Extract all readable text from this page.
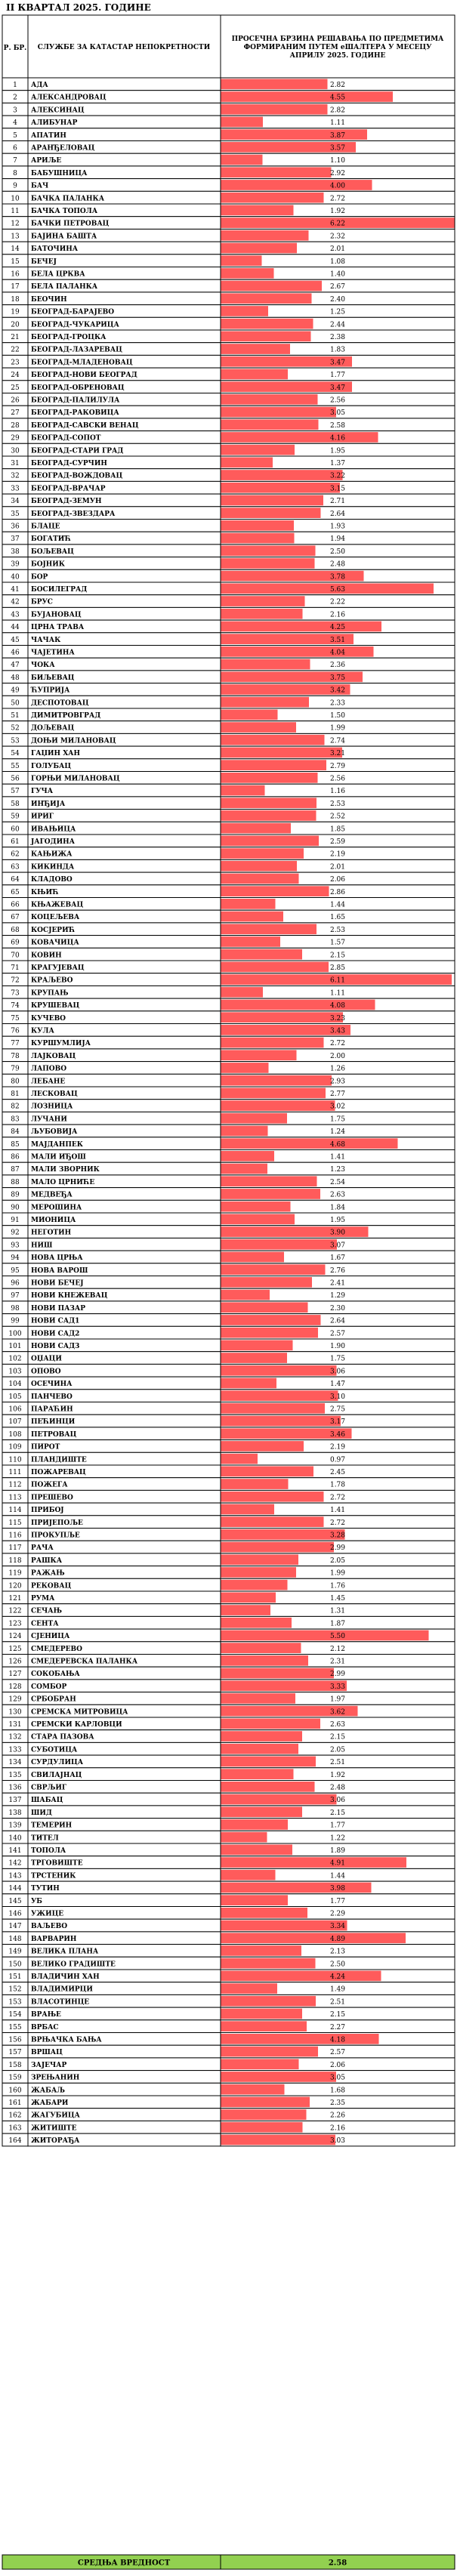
II КВАРТАЛ 2025. ГОДИНЕ
Р. БР. СЛУЖБЕ ЗА КАТАСТАР НЕПОКРЕТНОСТИ
ПРОСЕЧНА БРЗИНА РЕШАВАЊА ПО ПРЕДМЕТИМА ФОРМИРАНИМ ПУТЕМ еШАЛТЕРА У МЕСЕЦУ АПРИЛУ 2025. ГОДИНЕ
1 АДА	2.82
2 АЛЕКСАНДРОВАЦ	4.55
3 АЛЕКСИНАЦ	2.82
4 АЛИБУНАР	1.11
5 АПАТИН	3.87
6 АРАНЂЕЛОВАЦ	3.57
7 АРИЉЕ	1.10
8 БАБУШНИЦА	2.92
9 БАЧ	4.00
10 БАЧКА ПАЛАНКА	2.72
11 БАЧКА ТОПОЛА	1.92
12 БАЧКИ ПЕТРОВАЦ	6.22
13 БАЈИНА БАШТА	2.32
14 БАТОЧИНА	2.01
15 БЕЧЕЈ	1.08
16 БЕЛА ЦРКВА	1.40
17 БЕЛА ПАЛАНКА	2.67
18 БЕОЧИН	2.40
19 БЕОГРАД-БАРАЈЕВО	1.25
20 БЕОГРАД-ЧУКАРИЦА	2.44
21 БЕОГРАД-ГРОЦКА	2.38
22 БЕОГРАД-ЛАЗАРЕВАЦ	1.83
23 БЕОГРАД-МЛАДЕНОВАЦ	3.47
24 БЕОГРАД-НОВИ БЕОГРАД	1.77
25 БЕОГРАД-ОБРЕНОВАЦ	3.47
26 БЕОГРАД-ПАЛИЛУЛА	2.56
27 БЕОГРАД-РАКОВИЦА	3.05
28 БЕОГРАД-САВСКИ ВЕНАЦ	2.58
29 БЕОГРАД-СОПОТ	4.16
30 БЕОГРАД-СТАРИ ГРАД	1.95
31 БЕОГРАД-СУРЧИН	1.37
32 БЕОГРАД-ВОЖДОВАЦ	3.22
33 БЕОГРАД-ВРАЧАР	3.15
34 БЕОГРАД-ЗЕМУН	2.71
35 БЕОГРАД-ЗВЕЗДАРА	2.64
36 БЛАЦЕ	1.93
37 БОГАТИЋ	1.94
38 БОЉЕВАЦ	2.50
39 БОЈНИК	2.48
40 БОР	3.78
41 БОСИЛЕГРАД	5.63
42 БРУС	2.22
43 БУЈАНОВАЦ	2.16
44 ЦРНА ТРАВА	4.25
45 ЧАЧАК	3.51
46 ЧАЈЕТИНА	4.04
47 ЧОКА	2.36
48 БИЉЕВАЦ	3.75
49 ЋУПРИЈА	3.42
50 ДЕСПОТОВАЦ	2.33
51 ДИМИТРОВГРАД	1.50
52 ДОЉЕВАЦ	1.99
53 ДОЊИ МИЛАНОВАЦ	2.74
54 ГАЏИН ХАН	3.21
55 ГОЛУБАЦ	2.79
56 ГОРЊИ МИЛАНОВАЦ	2.56
57 ГУЧА	1.16
58 ИНЂИЈА	2.53
59 ИРИГ	2.52
60 ИВАЊИЦА	1.85
61 ЈАГОДИНА	2.59
62 КАЊИЖА	2.19
63 КИКИНДА	2.01
64 КЛАДОВО	2.06
65 КЊИЋ	2.86
66 КЊАЖЕВАЦ	1.44
67 КОЦЕЉЕВА	1.65
68 КОСЈЕРИЋ	2.53
69 КОВАЧИЦА	1.57
70 КОВИН	2.15
71 КРАГУЈЕВАЦ	2.85
72 КРАЉЕВО	6.11
73 КРУПАЊ	1.11
74 КРУШЕВАЦ	4.08
75 КУЧЕВО	3.23
76 КУЛА	3.43
77 КУРШУМЛИЈА	2.72
78 ЛАЈКОВАЦ	2.00
79 ЛАПОВО	1.26
80 ЛЕБАНЕ	2.93
81 ЛЕСКОВАЦ	2.77
82 ЛОЗНИЦА	3.02
83 ЛУЧАНИ	1.75
84 ЉУБОВИЈА	1.24
85 МАЈДАНПЕК	4.68
86 МАЛИ ИЂОШ	1.41
87 МАЛИ ЗВОРНИК	1.23
88 МАЛО ЦРНИЋЕ	2.54
89 МЕДВЕЂА	2.63
90 МЕРОШИНА	1.84
91 МИОНИЦА	1.95
92 НЕГОТИН	3.90
93 НИШ	3.07
94 НОВА ЦРЊА	1.67
95 НОВА ВАРОШ	2.76
96 НОВИ БЕЧЕЈ	2.41
97 НОВИ КНЕЖЕВАЦ	1.29
98 НОВИ ПАЗАР	2.30
99 НОВИ САД1	2.64
100 НОВИ САД2	2.57
101 НОВИ САД3	1.90
102 ОЏАЦИ	1.75
103 ОПОВО	3.06
104 ОСЕЧИНА	1.47
105 ПАНЧЕВО	3.10
106 ПАРАЋИН	2.75
107 ПЕЋИНЦИ	3.17
108 ПЕТРОВАЦ	3.46
109 ПИРОТ	2.19
110 ПЛАНДИШТЕ	0.97
111 ПОЖАРЕВАЦ	2.45
112 ПОЖЕГА	1.78
113 ПРЕШЕВО	2.72
114 ПРИБОЈ	1.41
115 ПРИЈЕПОЉЕ	2.72
116 ПРОКУПЉЕ	3.28
117 РАЧА	2.99
118 РАШКА	2.05
119 РАЖАЊ	1.99
120 РЕКОВАЦ	1.76
121 РУМА	1.45
122 СЕЧАЊ	1.31
123 СЕНТА	1.87
124 СЈЕНИЦА	5.50
125 СМЕДЕРЕВО	2.12
126 СМЕДЕРЕВСКА ПАЛАНКА	2.31
127 СОКОБАЊА	2.99
128 СОМБОР	3.33
129 СРБОБРАН	1.97
130 СРЕМСКА МИТРОВИЦА	3.62
131 СРЕМСКИ КАРЛОВЦИ	2.63
132 СТАРА ПАЗОВА	2.15
133 СУБОТИЦА	2.05
134 СУРДУЛИЦА	2.51
135 СВИЛАЈНАЦ	1.92
136 СВРЉИГ	2.48
137 ШАБАЦ	3.06
138 ШИД	2.15
139 ТЕМЕРИН	1.77
140 ТИТЕЛ	1.22
141 ТОПОЛА	1.89
142 ТРГОВИШТЕ	4.91
143 ТРСТЕНИК	1.44
144 ТУТИН	3.98
145 УБ	1.77
146 УЖИЦЕ	2.29
147 ВАЉЕВО	3.34
148 ВАРВАРИН	4.89
149 ВЕЛИКА ПЛАНА	2.13
150 ВЕЛИКО ГРАДИШТЕ	2.50
151 ВЛАДИЧИН ХАН	4.24
152 ВЛАДИМИРЦИ	1.49
153 ВЛАСОТИНЦЕ	2.51
154 ВРАЊЕ	2.15
155 ВРБАС	2.27
156 ВРЊАЧКА БАЊА	4.18
157 ВРШАЦ	2.57
158 ЗАЈЕЧАР	2.06
159 ЗРЕЊАНИН	3.05
160 ЖАБАЉ	1.68
161 ЖАБАРИ	2.35
162 ЖАГУБИЦА	2.26
163 ЖИТИШТЕ	2.16
164 ЖИТОРАЂА	3.03
СРЕДЊА ВРЕДНОСТ	2.58
